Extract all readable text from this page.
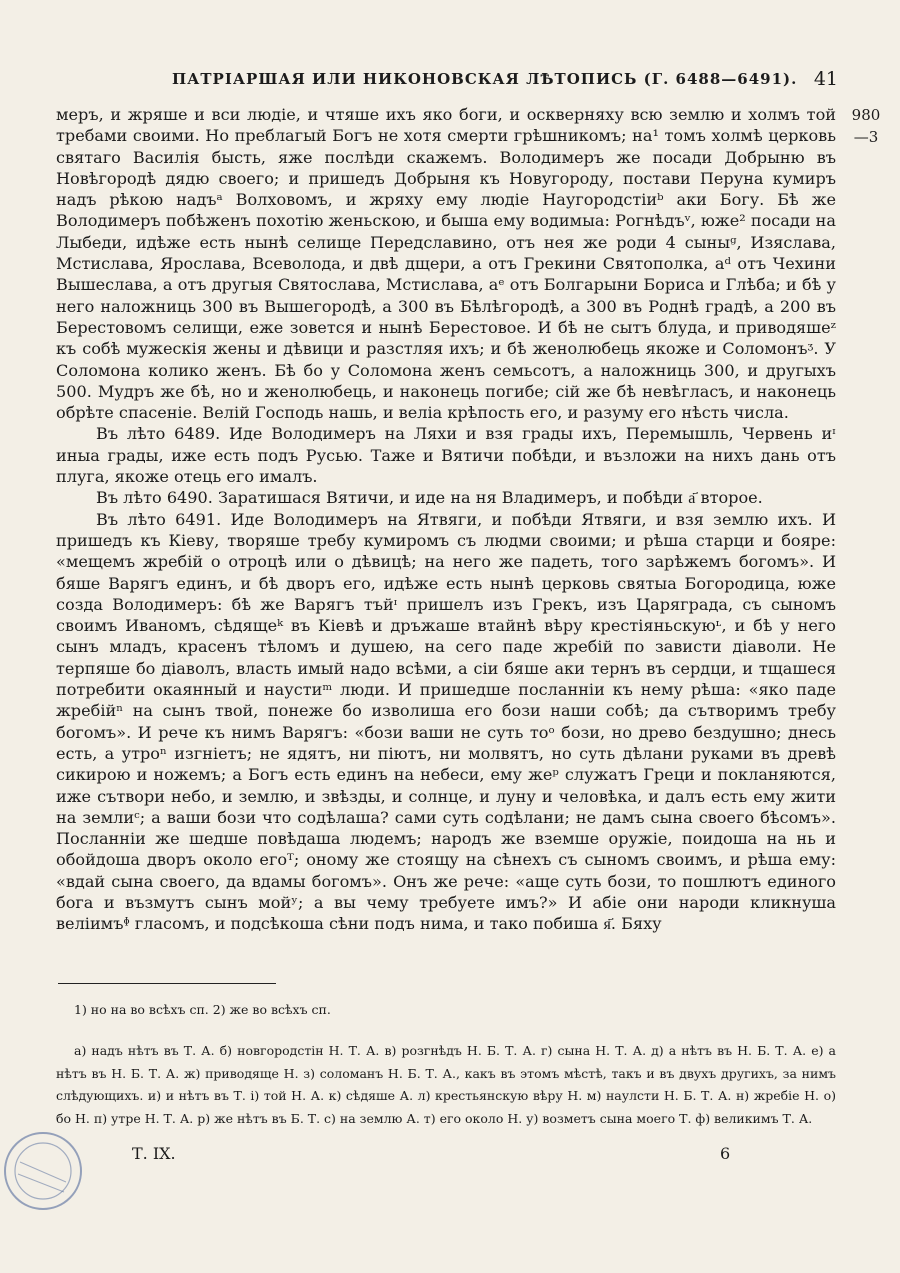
ПАТРІАРШАЯ ИЛИ НИКОНОВСКАЯ ЛѢТОПИСЬ (Г. 6488—6491). 41
980
—3

меръ, и жряше и вси людіе, и чтяше ихъ яко боги, и оскверняху всю землю и холмъ той требами своими. Но преблагый Богъ не хотя смерти грѣшникомъ; на¹ томъ холмѣ церковь святаго Василія бысть, яже послѣди скажемъ. Володимеръ же посади Добрыню въ Новѣгородѣ дядю своего; и пришедъ Добрыня къ Новугороду, постави Перуна кумиръ надъ рѣкою надъᵃ Волховомъ, и жряху ему людіе Наугородстіиᵇ аки Богу. Бѣ же Володимеръ побѣженъ похотію женьскою, и быша ему водимыа: Рогнѣдъᵛ, юже² посади на Лыбеди, идѣже есть нынѣ селище Передславино, отъ нея же роди 4 сыныᵍ, Изяслава, Мстислава, Ярослава, Всеволода, и двѣ дщери, а отъ Грекини Святополка, аᵈ отъ Чехини Вышеслава, а отъ другыя Святослава, Мстислава, аᵉ отъ Болгарыни Бориса и Глѣба; и бѣ у него наложниць 300 въ Вышегородѣ, а 300 въ Бѣлѣгородѣ, а 300 въ Роднѣ градѣ, а 200 въ Берестовомъ селищи, еже зовется и нынѣ Берестовое. И бѣ не сытъ блуда, и приводяшеᶻ къ собѣ мужескія жены и дѣвици и разстляя ихъ; и бѣ женолюбець якоже и Соломонъᶾ. У Соломона колико женъ. Бѣ бо у Соломона женъ семьсотъ, а наложниць 300, и другыхъ 500. Мудръ же бѣ, но и женолюбець, и наконець погибе; сій же бѣ невѣгласъ, и наконець обрѣте спасеніе. Велій Господь нашь, и веліа крѣпость его, и разуму его нѣсть числа.

Въ лѣто 6489. Иде Володимеръ на Ляхи и взя грады ихъ, Перемышль, Червень иᶦ иныа грады, иже есть подъ Русью. Таже и Вятичи побѣди, и възложи на нихъ дань отъ плуга, якоже отець его ималъ.

Въ лѣто 6490. Заратишася Вятичи, и иде на ня Владимеръ, и побѣди а҃ второе.

Въ лѣто 6491. Иде Володимеръ на Ятвяги, и побѣди Ятвяги, и взя землю ихъ. И пришедъ къ Кіеву, творяше требу кумиромъ съ людми своими; и рѣша старци и бояре: «мещемъ жребій о отроцѣ или о дѣвицѣ; на него же падеть, того зарѣжемъ богомъ». И бяше Варягъ единъ, и бѣ дворъ его, идѣже есть нынѣ церковь святыа Богородица, юже созда Володимеръ: бѣ же Варягъ тъйᶦ пришелъ изъ Грекъ, изъ Царяграда, съ сыномъ своимъ Иваномъ, сѣдящеᵏ въ Кіевѣ и дръжаше втайнѣ вѣру крестіяньскуюᶫ, и бѣ у него сынъ младъ, красенъ тѣломъ и душею, на сего паде жребій по зависти діаволи. Не терпяше бо діаволъ, власть имый надо всѣми, а сіи бяше аки тернъ въ сердци, и тщашеся потребити окаянный и наустиᵐ люди. И пришедше посланніи къ нему рѣша: «яко паде жребійⁿ на сынъ твой, понеже бо изволиша его бози наши собѣ; да сътворимъ требу богомъ». И рече къ нимъ Варягъ: «бози ваши не суть тоᵒ бози, но древо бездушно; днесь есть, а утроⁿ изгніетъ; не ядятъ, ни піютъ, ни молвятъ, но суть дѣлани руками въ древѣ сикирою и ножемъ; а Богъ есть единъ на небеси, ему жеᵖ служатъ Греци и покланяются, иже сътвори небо, и землю, и звѣзды, и солнце, и луну и человѣка, и далъ есть ему жити на землиᶜ; а ваши бози что содѣлаша? сами суть содѣлани; не дамъ сына своего бѣсомъ». Посланніи же шедше повѣдаша людемъ; народъ же вземше оружіе, поидоша на нь и обойдоша дворъ около егоᵀ; оному же стоящу на сѣнехъ съ сыномъ своимъ, и рѣша ему: «вдай сына своего, да вдамы богомъ». Онъ же рече: «аще суть бози, то пошлютъ единого бога и възмутъ сынъ мойʸ; а вы чему требуете имъ?» И абіе они народи кликнуша веліимъᶲ гласомъ, и подсѣкоша сѣни подъ нима, и тако побиша я҃. Бяху

1) но на во всѣхъ сп. 2) же во всѣхъ сп.
а) надъ нѣтъ въ Т. А. б) новгородстін Н. Т. А. в) розгнѣдъ Н. Б. Т. А. г) сына Н. Т. А. д) а нѣтъ въ Н. Б. Т. А. е) а нѣтъ въ Н. Б. Т. А. ж) приводяще Н. з) соломанъ Н. Б. Т. А., какъ въ этомъ мѣстѣ, такъ и въ двухъ другихъ, за нимъ слѣдующихъ. и) и нѣтъ въ Т. і) той Н. А. к) сѣдяше А. л) крестьянскую вѣру Н. м) наулсти Н. Б. Т. А. н) жребіе Н. о) бо Н. п) утре Н. Т. А. р) же нѣтъ въ Б. Т. с) на землю А. т) его около Н. у) возметъ сына моего Т. ф) великимъ Т. А.
Т. IX.	6
